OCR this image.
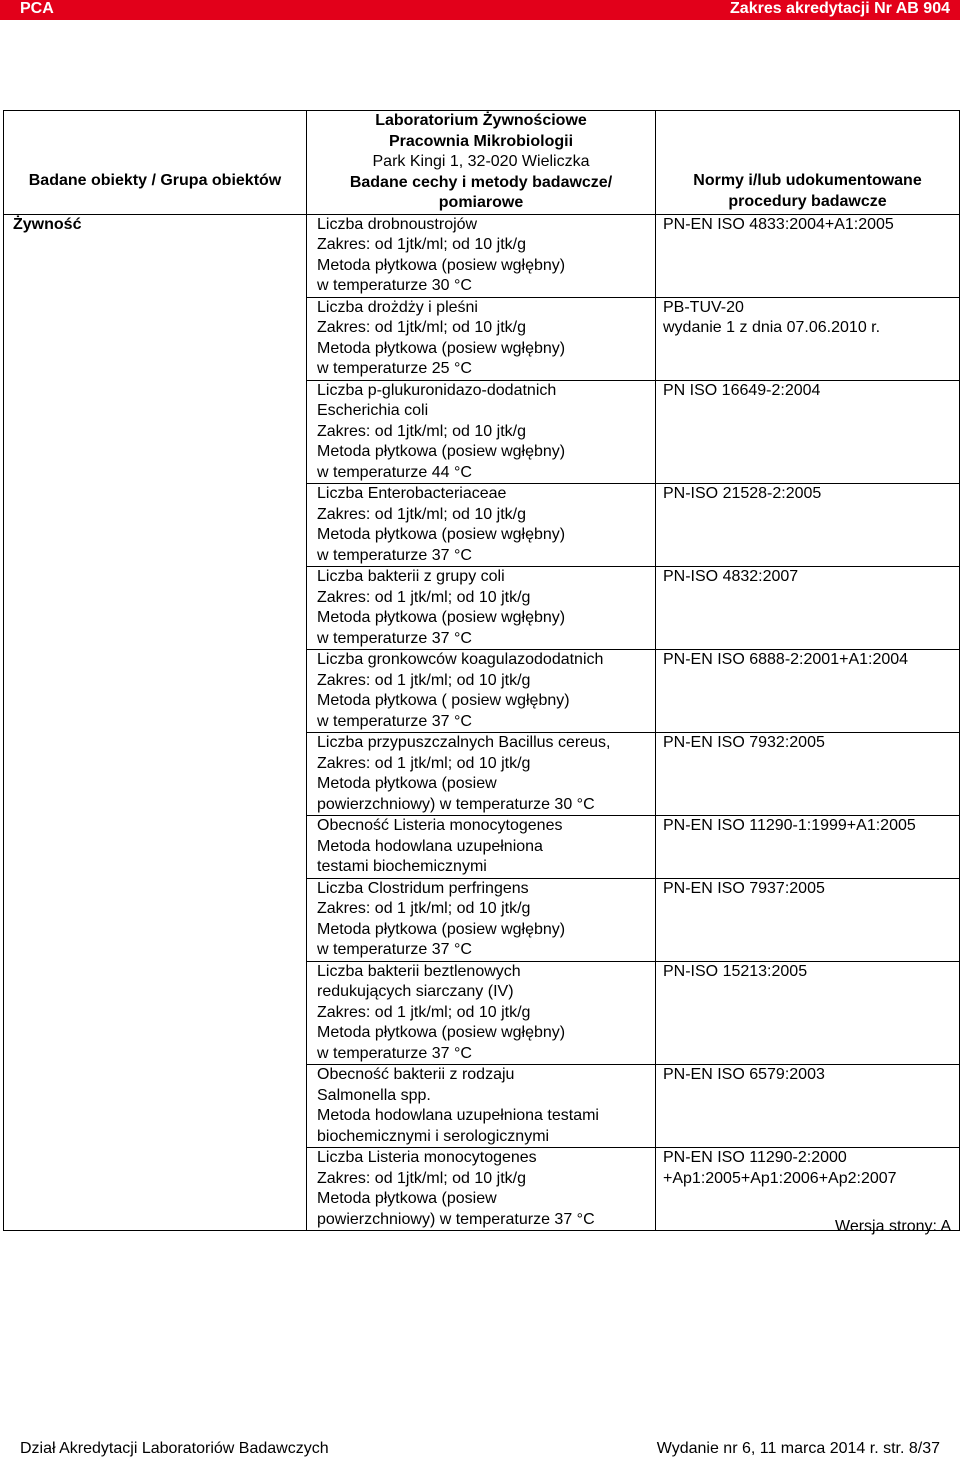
PCA	Zakres akredytacji Nr AB 904
Badane obiekty / Grupa obiektów	Laboratorium Żywnościowe
Pracownia Mikrobiologii
Park Kingi 1, 32-020 Wieliczka
Badane cechy i metody badawcze/ pomiarowe	Normy i/lub udokumentowane procedury badawcze
Żywność	Liczba drobnoustrojów
Zakres: od 1jtk/ml; od 10 jtk/g
Metoda płytkowa (posiew wgłębny)
w temperaturze 30 °C	PN-EN ISO 4833:2004+A1:2005
	Liczba drożdży i pleśni
Zakres: od 1jtk/ml; od 10 jtk/g
Metoda płytkowa (posiew wgłębny)
w temperaturze 25 °C	PB-TUV-20
wydanie 1 z dnia 07.06.2010 r.
	Liczba p-glukuronidazo-dodatnich
Escherichia coli
Zakres: od 1jtk/ml; od 10 jtk/g
Metoda płytkowa (posiew wgłębny)
w temperaturze 44 °C	PN ISO 16649-2:2004
	Liczba Enterobacteriaceae
Zakres: od 1jtk/ml; od 10 jtk/g
Metoda płytkowa (posiew wgłębny)
w temperaturze 37 °C	PN-ISO 21528-2:2005
	Liczba bakterii z grupy coli
Zakres: od 1 jtk/ml; od 10 jtk/g
Metoda płytkowa (posiew wgłębny)
w temperaturze 37 °C	PN-ISO 4832:2007
	Liczba gronkowców koagulazododatnich
Zakres: od 1 jtk/ml; od 10 jtk/g
Metoda płytkowa ( posiew wgłębny)
w temperaturze 37 °C	PN-EN ISO 6888-2:2001+A1:2004
	Liczba przypuszczalnych Bacillus cereus,
Zakres: od 1 jtk/ml; od 10 jtk/g
Metoda płytkowa (posiew
powierzchniowy) w temperaturze 30 °C	PN-EN ISO 7932:2005
	Obecność Listeria monocytogenes
Metoda hodowlana uzupełniona
testami biochemicznymi	PN-EN ISO 11290-1:1999+A1:2005
	Liczba Clostridum perfringens
Zakres: od 1 jtk/ml; od 10 jtk/g
Metoda płytkowa (posiew wgłębny)
w temperaturze 37 °C	PN-EN ISO 7937:2005
	Liczba bakterii beztlenowych
redukujących siarczany (IV)
Zakres: od 1 jtk/ml; od 10 jtk/g
Metoda płytkowa (posiew wgłębny)
w temperaturze 37 °C	PN-ISO 15213:2005
	Obecność bakterii z rodzaju
Salmonella spp.
Metoda hodowlana uzupełniona testami
biochemicznymi i serologicznymi	PN-EN ISO 6579:2003
	Liczba Listeria monocytogenes
Zakres: od 1jtk/ml; od 10 jtk/g
Metoda płytkowa (posiew
powierzchniowy) w temperaturze 37 °C	PN-EN ISO 11290-2:2000
+Ap1:2005+Ap1:2006+Ap2:2007
Wersja strony: A
Dział Akredytacji Laboratoriów Badawczych	Wydanie nr 6, 11 marca 2014 r. str. 8/37
